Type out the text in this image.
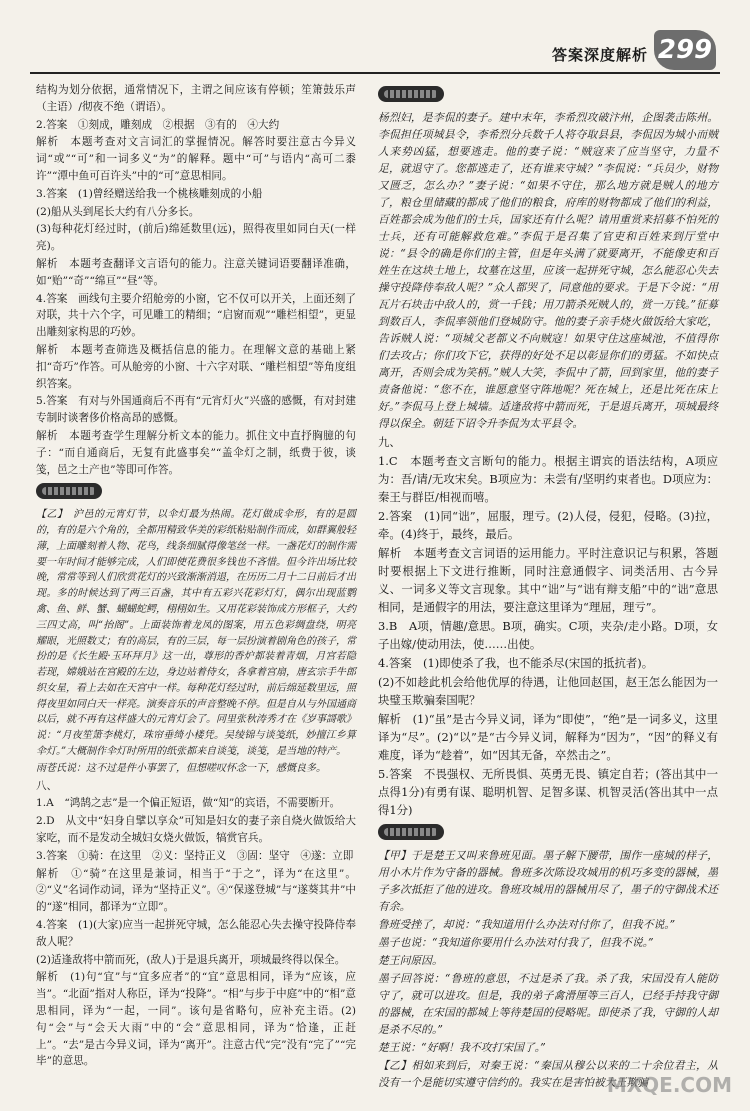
答案深度解析 299

结构为划分依据，通常情况下，主谓之间应该有停顿；笙箫鼓乐声（主语）/彻夜不绝（谓语）。

2.答案　①刻成，雕刻成　②根据　③有的　④大约

解析　本题考查对文言词汇的掌握情况。解答时要注意古今异义词“或”“可”和一词多义“为”的解释。题中“可”与语内“高可二黍许”“潭中鱼可百许头”中的“可”意思相同。

3.答案　(1)曾经赠送给我一个桃核雕刻成的小船

(2)船从头到尾长大约有八分多长。

(3)每种花灯经过时，(前后)绵延数里(远)，照得夜里如同白天(一样亮)。

解析　本题考查翻译文言语句的能力。注意关键词语要翻译准确，如“贻”“奇”“绵亘”“昼”等。

4.答案　画线句主要介绍舱旁的小窗，它不仅可以开关，上面还刻了对联，共十六个字，可见雕工的精细；“启窗而观”“雕栏相望”，更显出雕刻家构思的巧妙。

解析　本题考查筛选及概括信息的能力。在理解文意的基础上紧扣“奇巧”作答。可从舱旁的小窗、十六字对联、“雕栏相望”等角度组织答案。

5.答案　有对与外国通商后不再有“元宵灯火”兴盛的感慨，有对封建专制时谈奢侈价格高昂的感慨。

解析　本题考查学生理解分析文本的能力。抓住文中直抒胸臆的句子：“而自通商后，无复有此盛事矣”“盖伞灯之制，纸费于彼，谈笺，邑之土产也”等即可作答。

【乙】　沪邑的元宵灯节，以伞灯最为热闹。花灯做成伞形，有的是圆的，有的是六个角的，全都用精致华美的彩纸粘贴制作而成，如群翼般轻薄，上面雕刻着人物、花鸟，线条细腻得像笔丝一样。一盏花灯的制作需要一年时间才能够完成，人们即使花费很多钱也不吝惜。但今许出场比较晚，常常等到人们欣赏花灯的兴致渐渐消退，在历历二月十二日前后才出现。多的时候达到了两三百盏，其中有五彩兴花彩灯灯，偶尔出现蓝鹦禽、鱼、鲜、蟹、蝴蝴蛇鳄，栩栩如生。又用花彩装饰成方形框子，大约三四丈高，叫“抬阁”。上面装饰着龙凤的图案，用五色彩绸盘绕，明亮耀眼，光照数丈；有的高层，有的三层，每一层扮演着剧角色的孩子，常扮的是《长生殿·玉环拜月》这一出，尊形的香炉都装着青烟，月宫若隐若现，嫦娥站在宫殿的左边，身边站着侍女，各拿着宫扇，唐玄宗手牛郎织女星，看上去如在天宫中一样。每种花灯经过时，前后绵延数里远，照得夜里如同白天一样亮。演奏音乐的声音整晚不停。但是自从与外国通商以后，就不再有这样盛大的元宵灯会了。同里张秋涛秀才在《岁事謌歌》说：“月夜笙箫李桃灯，珠帘垂绮小楼凭。吴绫锦与谈笺纸，妙擅江乡算伞灯。”大概制作伞灯时所用的纸张都来自谈笺，谈笺，是当地的特产。

雨苍氏说：这不过是件小事罢了，但想嗟叹怀念一下，感慨良多。

八、

1.A　“鸿鹄之志”是一个偏正短语，做“知”的宾语，不需要断开。

2.D　从文中“妇身自擘以享众”可知是妇女的妻子亲自烧火做饭给大家吃，而不是发动全城妇女烧火做饭，犒赏官兵。

3.答案　①骑：在这里　②义：坚持正义　③固：坚守　④遂：立即

解析　①“骑”在这里是兼词，相当于“于之”，译为“在这里”。②“义”名词作动词，译为“坚持正义”。④“保遂登城”与“遂葵其井”中的“遂”相同，都译为“立即”。

4.答案　(1)(大家)应当一起拼死守城，怎么能忍心失去操守投降侍奉敌人呢？

(2)适逢敌将中箭而死，(敌人)于是退兵离开，项城最终得以保全。

解析　(1)句“宜”与“宜多应者”的“宜”意思相同，译为“应该，应当”。“北面”指对人称臣，译为“投降”。“相”与步于中庭”中的“相”意思相同，译为“一起，一同”。该句是省略句，应补充主语。(2)句“会”与“会天大雨”中的“会”意思相同，译为“恰逢，正赶上”。“去”是古今异义词，译为“离开”。注意古代“完”没有“完了”“完毕”的意思。

杨烈妇，是李侃的妻子。建中末年，李希烈攻破汴州，企图袭击陈州。李侃担任项城县令，李希烈分兵数千人将夺取县县，李侃因为城小而贼人来势凶猛，想要逃走。他的妻子说：“贼寇来了应当坚守，力量不足，就退守了。您都逃走了，还有谁来守城？”李侃说：“兵员少，财物又匮乏，怎么办？”妻子说：“如果不守住，那么地方就是贼人的地方了，粮仓里储藏的都成了他们的粮食，府库的财物都成了他们的利益，百姓都会成为他们的士兵，国家还有什么呢？请用重赏来招募不怕死的士兵，还有可能解救危难。”李侃于是召集了官吏和百姓来到厅堂中说：“县令的确是你们的主管，但是年头满了就要离开，不能像吏和百姓生在这块土地上，坟墓在这里，应该一起拼死守城，怎么能忍心失去操守投降侍奉敌人呢？”众人都哭了，同意他的要求。于是下令说：“用瓦片石块击中敌人的，赏一千钱；用刀箭杀死贼人的，赏一万钱。”征募到数百人，李侃率领他们登城防守。他的妻子亲手烧火做饭给大家吃，告诉贼人说：“项城父老都义不向贼寇！如果守住这座城池，不值得你们去攻占；你们攻下它，获得的好处不足以彰显你们的勇猛。不如快点离开，否则会成为笑柄。”贼人大笑，李侃中了箭，回到家里，他的妻子责备他说：“您不在，谁愿意坚守阵地呢？死在城上，还是比死在床上好。”李侃马上登上城墙。适逢敌将中箭而死，于是退兵离开，项城最终得以保全。朝廷下诏令升李侃为太平县令。

九、

1.C　本题考查文言断句的能力。根据主谓宾的语法结构，A项应为：吾/请/无攻宋矣。B项应为：未尝有/坚明约束者也。D项应为：秦王与群臣/相视而嘻。

2.答案　(1)同“诎”，屈服，理亏。(2)人侵，侵犯，侵略。(3)拉，牵。(4)终于，最终，最后。

解析　本题考查文言词语的运用能力。平时注意识记与积累，答题时要根据上下文进行推断，同时注意通假字、词类活用、古今异义、一词多义等文言现象。其中“诎”与“诎有辩支船”中的“诎”意思相同，是通假字的用法，要注意这里译为“理屈，理亏”。

3.B　A项，情趣/意思。B项，确实。C项，夹杂/走小路。D项，女子出嫁/使动用法，使……出使。

4.答案　(1)即使杀了我，也不能杀尽(宋国的抵抗者)。

(2)不如趁此机会给他优厚的待遇，让他回赵国，赵王怎么能因为一块璧玉欺骗秦国呢？

解析　(1)“虽”是古今异义词，译为“即使”，“绝”是一词多义，这里译为“尽”。(2)“以”是“古今异义词，解释为“因为”，“因”的释义有难度，译为“趁着”，如“因其无备，卒然击之”。

5.答案　不畏强权、无所畏惧、英勇无畏、镇定自若；(答出其中一点得1分)有勇有谋、聪明机智、足智多谋、机智灵活(答出其中一点得1分)

【甲】于是楚王又叫来鲁班见面。墨子解下腰带，围作一座城的样子，用小木片作为守备的器械。鲁班多次陈设攻城用的机巧多变的器械，墨子多次抵拒了他的进攻。鲁班攻城用的器械用尽了，墨子的守御战术还有余。

鲁班受挫了，却说：“我知道用什么办法对付你了，但我不说。”

墨子也说：“我知道你要用什么办法对付我了，但我不说。”

楚王问原因。

墨子回答说：“鲁班的意思，不过是杀了我。杀了我，宋国没有人能防守了，就可以进攻。但是，我的弟子禽滑厘等三百人，已经手持我守御的器械，在宋国的都城上等待楚国的侵略呢。即使杀了我，守御的人却是杀不尽的。”

楚王说：“好啊！我不攻打宋国了。”

【乙】相如来到后，对秦王说：“秦国从穆公以来的二十余位君主，从没有一个是能切实遵守信约的。我实在是害怕被大王欺骗

MXQE.COM
